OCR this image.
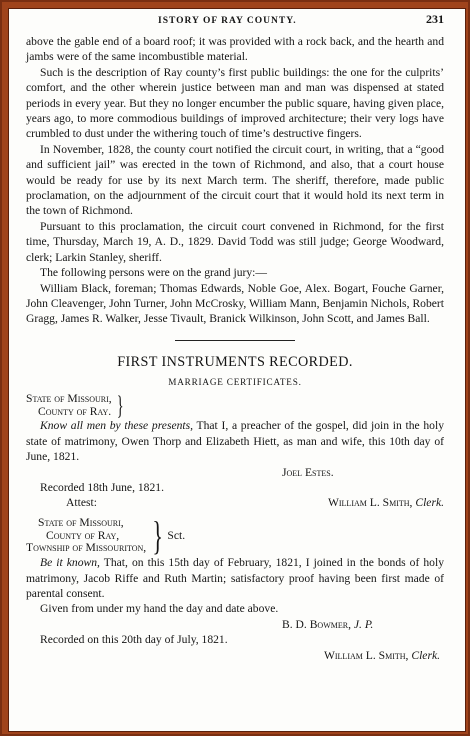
ISTORY OF RAY COUNTY.	231

above the gable end of a board roof; it was provided with a rock back, and the hearth and jambs were of the same incombustible material.

Such is the description of Ray county’s first public buildings: the one for the culprits’ comfort, and the other wherein justice between man and man was dispensed at stated periods in every year. But they no longer encumber the public square, having given place, years ago, to more commodious buildings of improved architecture; their very logs have crumbled to dust under the withering touch of time’s destructive fingers.

In November, 1828, the county court notified the circuit court, in writing, that a “good and sufficient jail” was erected in the town of Richmond, and also, that a court house would be ready for use by its next March term. The sheriff, therefore, made public proclamation, on the adjournment of the circuit court that it would hold its next term in the town of Richmond.

Pursuant to this proclamation, the circuit court convened in Richmond, for the first time, Thursday, March 19, A. D., 1829. David Todd was still judge; George Woodward, clerk; Larkin Stanley, sheriff.

The following persons were on the grand jury:—

William Black, foreman; Thomas Edwards, Noble Goe, Alex. Bogart, Fouche Garner, John Cleavenger, John Turner, John McCrosky, William Mann, Benjamin Nichols, Robert Gragg, James R. Walker, Jesse Tivault, Branick Wilkinson, John Scott, and James Ball.

FIRST INSTRUMENTS RECORDED.
MARRIAGE CERTIFICATES.
State of Missouri,
County of Ray. }

Know all men by these presents, That I, a preacher of the gospel, did join in the holy state of matrimony, Owen Thorp and Elizabeth Hiett, as man and wife, this 10th day of June, 1821.

Joel Estes.
Recorded 18th June, 1821.
Attest:	William L. Smith, Clerk.
State of Missouri,
County of Ray,
Township of Missouriton, } Sct.

Be it known, That, on this 15th day of February, 1821, I joined in the bonds of holy matrimony, Jacob Riffe and Ruth Martin; satisfactory proof having been first made of parental consent.

Given from under my hand the day and date above.
B. D. Bowmer, J. P.
Recorded on this 20th day of July, 1821.
William L. Smith, Clerk.
